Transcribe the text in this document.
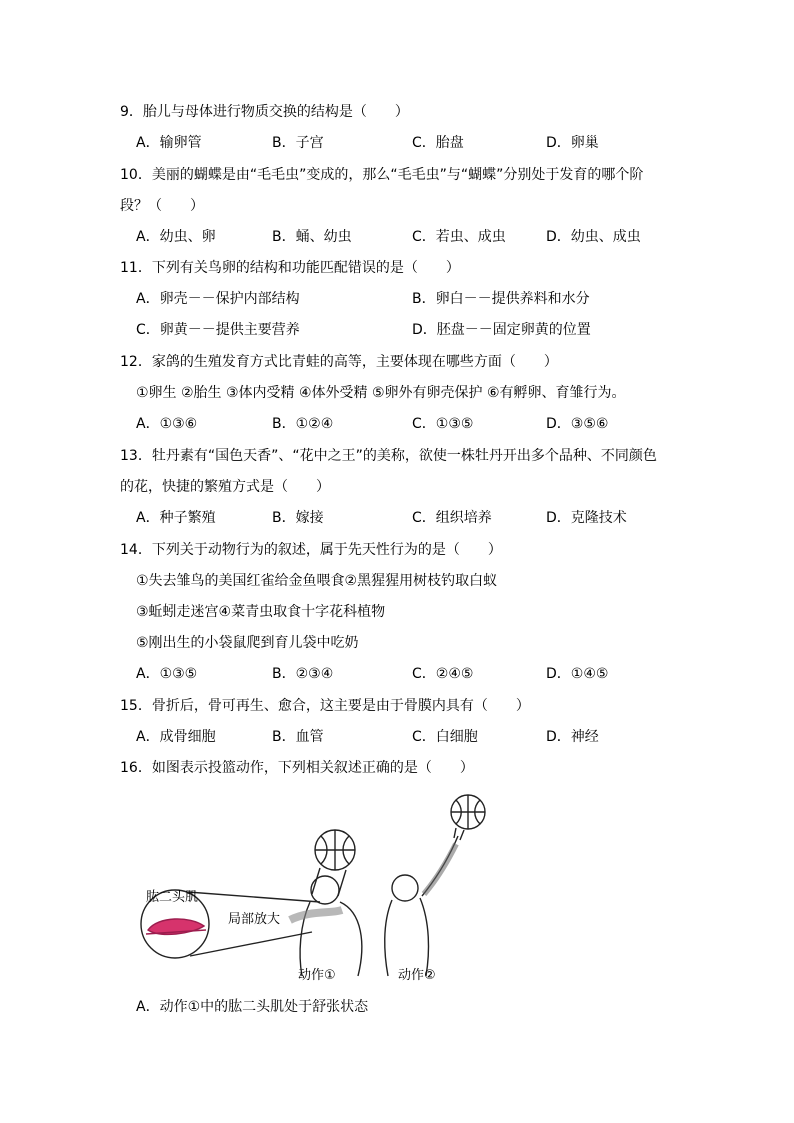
9．胎儿与母体进行物质交换的结构是（　　）
A．输卵管	B．子宫	C．胎盘	D．卵巢
10．美丽的蝴蝶是由“毛毛虫”变成的，那么“毛毛虫”与“蝴蝶”分别处于发育的哪个阶
段？（　　）
A．幼虫、卵	B．蛹、幼虫	C．若虫、成虫	D．幼虫、成虫
11．下列有关鸟卵的结构和功能匹配错误的是（　　）
A．卵壳－－保护内部结构	B．卵白－－提供养料和水分
C．卵黄－－提供主要营养	D．胚盘－－固定卵黄的位置
12．家鸽的生殖发育方式比青蛙的高等，主要体现在哪些方面（　　）
①卵生 ②胎生 ③体内受精 ④体外受精 ⑤卵外有卵壳保护 ⑥有孵卵、育雏行为。
A．①③⑥	B．①②④	C．①③⑤	D．③⑤⑥
13．牡丹素有“国色天香”、“花中之王”的美称，欲使一株牡丹开出多个品种、不同颜色
的花，快捷的繁殖方式是（　　）
A．种子繁殖	B．嫁接	C．组织培养	D．克隆技术
14．下列关于动物行为的叙述，属于先天性行为的是（　　）
①失去雏鸟的美国红雀给金鱼喂食②黑猩猩用树枝钓取白蚁
③蚯蚓走迷宫④菜青虫取食十字花科植物
⑤刚出生的小袋鼠爬到育儿袋中吃奶
A．①③⑤	B．②③④	C．②④⑤	D．①④⑤
15．骨折后，骨可再生、愈合，这主要是由于骨膜内具有（　　）
A．成骨细胞	B．血管	C．白细胞	D．神经
16．如图表示投篮动作，下列相关叙述正确的是（　　）
肱二头肌
局部放大
动作①	动作②
A．动作①中的肱二头肌处于舒张状态
